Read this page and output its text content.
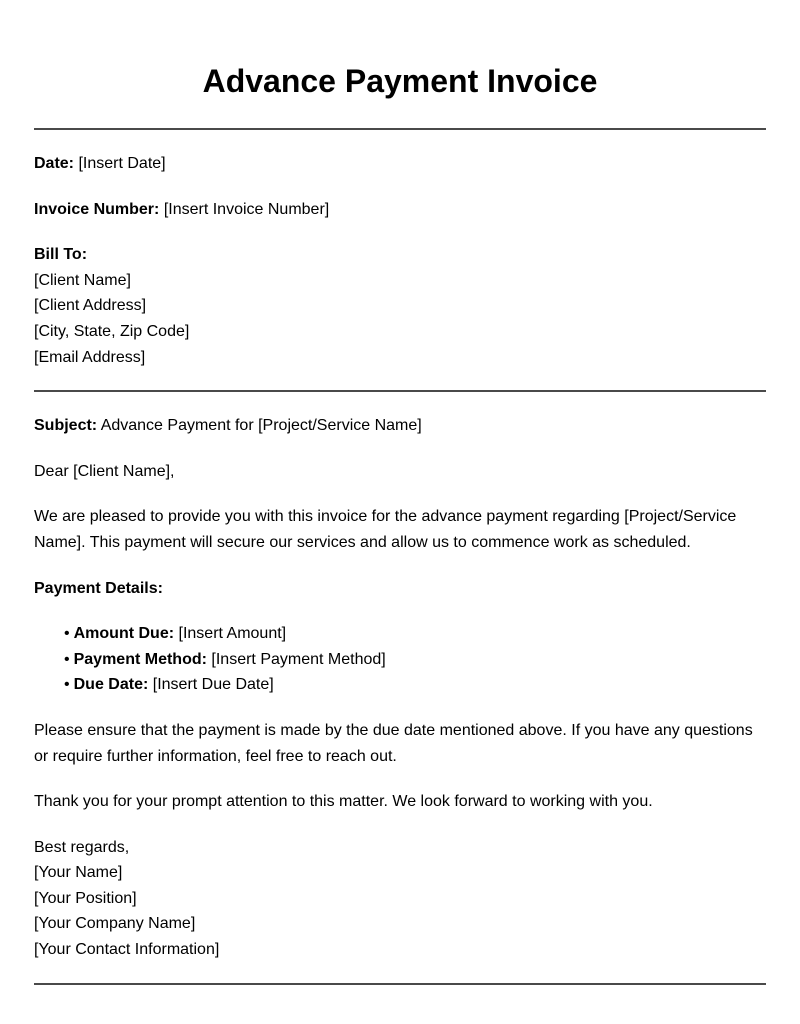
Advance Payment Invoice

Date: [Insert Date]

Invoice Number: [Insert Invoice Number]

Bill To:
[Client Name]
[Client Address]
[City, State, Zip Code]
[Email Address]

Subject: Advance Payment for [Project/Service Name]

Dear [Client Name],

We are pleased to provide you with this invoice for the advance payment regarding [Project/Service Name]. This payment will secure our services and allow us to commence work as scheduled.

Payment Details:

• Amount Due: [Insert Amount]
• Payment Method: [Insert Payment Method]
• Due Date: [Insert Due Date]

Please ensure that the payment is made by the due date mentioned above. If you have any questions or require further information, feel free to reach out.

Thank you for your prompt attention to this matter. We look forward to working with you.

Best regards,
[Your Name]
[Your Position]
[Your Company Name]
[Your Contact Information]
